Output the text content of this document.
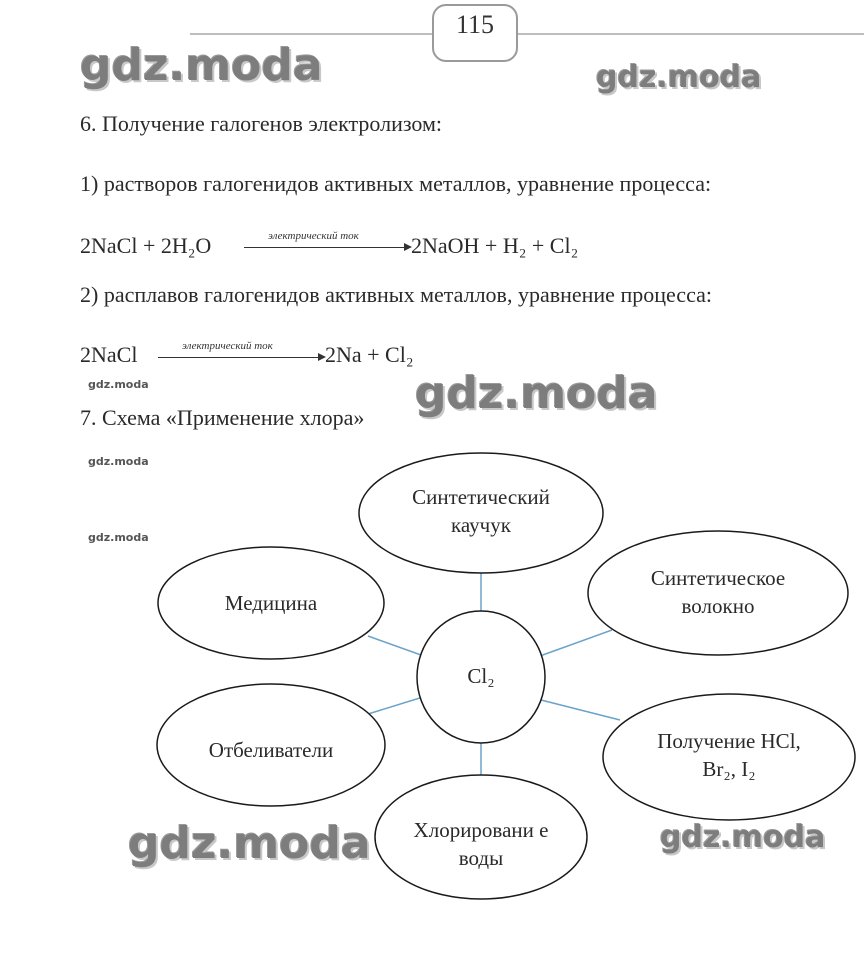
115
gdz.moda	gdz.moda
gdz.moda	gdz.moda
gdz.moda
gdz.moda
gdz.moda	gdz.moda
6. Получение галогенов электролизом:
1) растворов галогенидов активных металлов, уравнение процесса:
2NaCl + 2H₂O	электрический ток 2NaOH + H₂ + Cl₂
2) расплавов галогенидов активных металлов, уравнение процесса:
2NaCl	электрический ток 2Na + Cl₂
7. Схема «Применение хлора»
Синтетический каучук
Синтетическое волокно
Медицина
Отбеливатели	Получение HCl, Br₂, I₂
Хлорировани е воды
Cl₂
